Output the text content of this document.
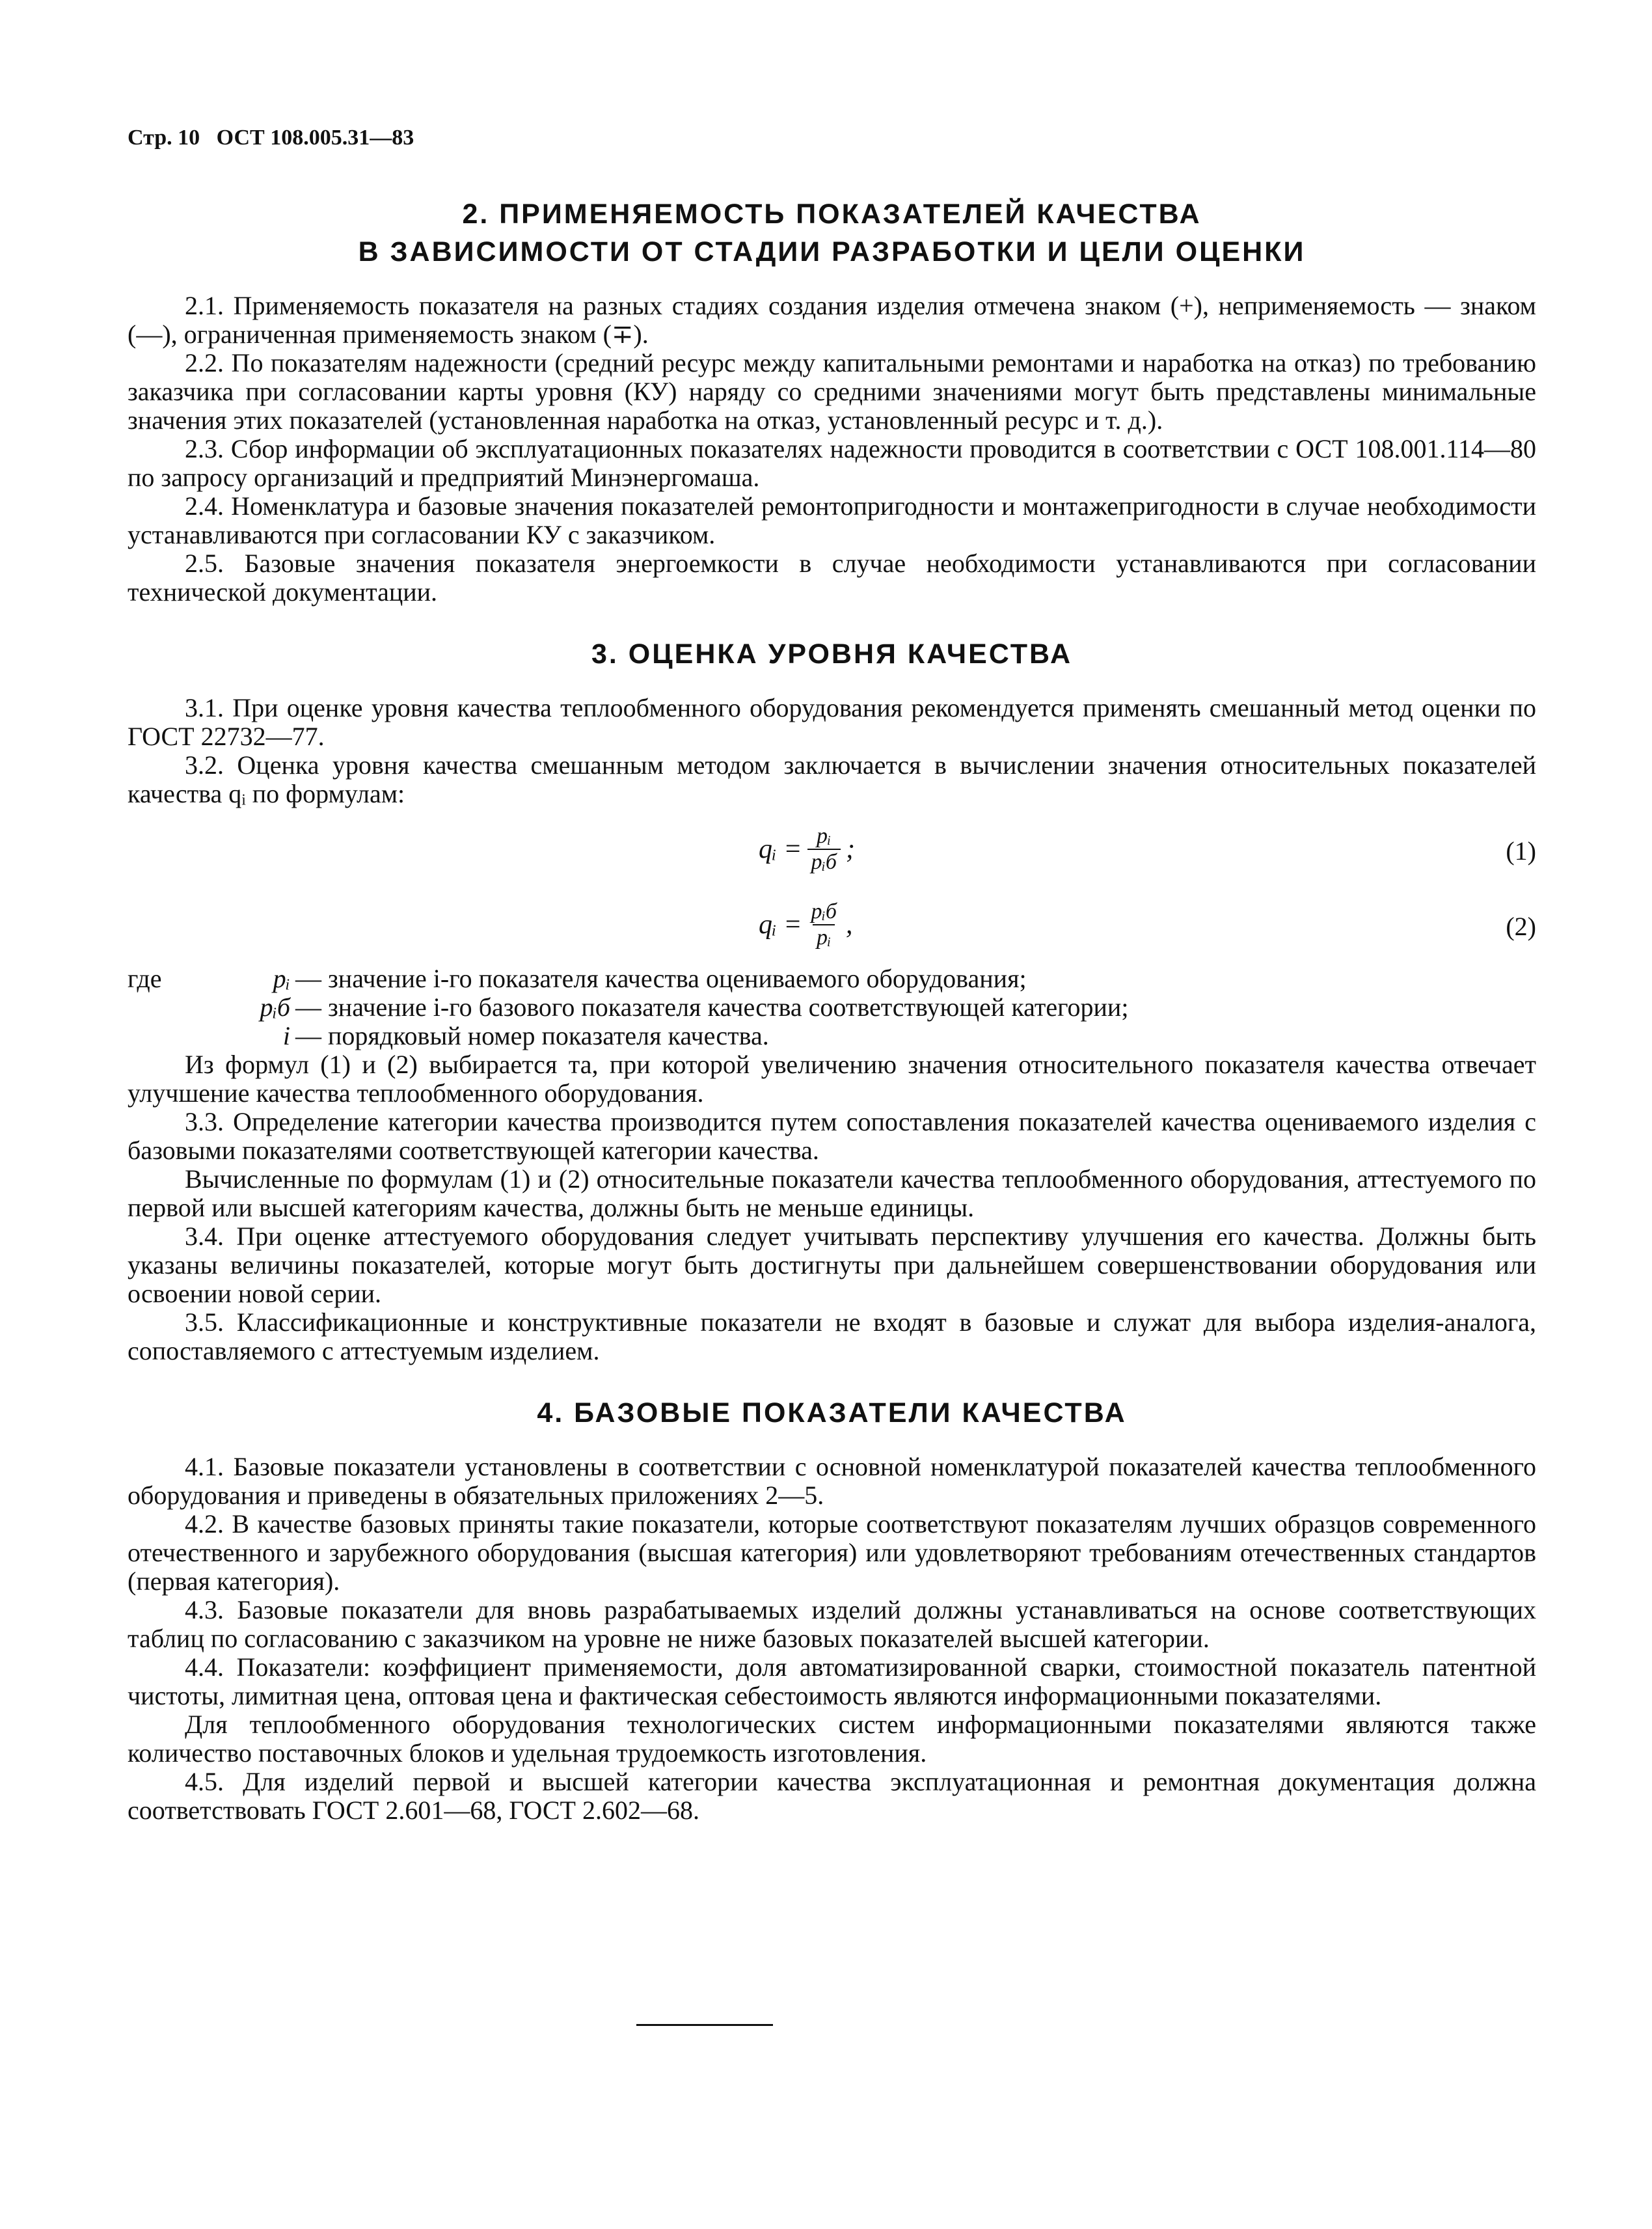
Стр. 10 ОСТ 108.005.31—83

2. ПРИМЕНЯЕМОСТЬ ПОКАЗАТЕЛЕЙ КАЧЕСТВА
В ЗАВИСИМОСТИ ОТ СТАДИИ РАЗРАБОТКИ И ЦЕЛИ ОЦЕНКИ

2.1. Применяемость показателя на разных стадиях создания изделия отмечена знаком (+), неприменяемость — знаком (—), ограниченная применяемость знаком (∓).

2.2. По показателям надежности (средний ресурс между капитальными ремонтами и наработка на отказ) по требованию заказчика при согласовании карты уровня (КУ) наряду со средними значениями могут быть представлены минимальные значения этих показателей (установленная наработка на отказ, установленный ресурс и т. д.).

2.3. Сбор информации об эксплуатационных показателях надежности проводится в соответствии с ОСТ 108.001.114—80 по запросу организаций и предприятий Минэнергомаша.

2.4. Номенклатура и базовые значения показателей ремонтопригодности и монтажепригодности в случае необходимости устанавливаются при согласовании КУ с заказчиком.

2.5. Базовые значения показателя энергоемкости в случае необходимости устанавливаются при согласовании технической документации.

3. ОЦЕНКА УРОВНЯ КАЧЕСТВА

3.1. При оценке уровня качества теплообменного оборудования рекомендуется применять смешанный метод оценки по ГОСТ 22732—77.

3.2. Оценка уровня качества смешанным методом заключается в вычислении значения относительных показателей качества qᵢ по формулам:

qᵢ = $\frac{\text{pᵢ}}{\text{pᵢб}}$ ;	(1)
qᵢ = $\frac{\text{pᵢб}}{\text{pᵢ}}$ ,	(2)
где	pᵢ — значение i-го показателя качества оцениваемого оборудования;
pᵢб — значение i-го базового показателя качества соответствующей категории;
i — порядковый номер показателя качества.

Из формул (1) и (2) выбирается та, при которой увеличению значения относительного показателя качества отвечает улучшение качества теплообменного оборудования.

3.3. Определение категории качества производится путем сопоставления показателей качества оцениваемого изделия с базовыми показателями соответствующей категории качества.

Вычисленные по формулам (1) и (2) относительные показатели качества теплообменного оборудования, аттестуемого по первой или высшей категориям качества, должны быть не меньше единицы.

3.4. При оценке аттестуемого оборудования следует учитывать перспективу улучшения его качества. Должны быть указаны величины показателей, которые могут быть достигнуты при дальнейшем совершенствовании оборудования или освоении новой серии.

3.5. Классификационные и конструктивные показатели не входят в базовые и служат для выбора изделия-аналога, сопоставляемого с аттестуемым изделием.

4. БАЗОВЫЕ ПОКАЗАТЕЛИ КАЧЕСТВА

4.1. Базовые показатели установлены в соответствии с основной номенклатурой показателей качества теплообменного оборудования и приведены в обязательных приложениях 2—5.

4.2. В качестве базовых приняты такие показатели, которые соответствуют показателям лучших образцов современного отечественного и зарубежного оборудования (высшая категория) или удовлетворяют требованиям отечественных стандартов (первая категория).

4.3. Базовые показатели для вновь разрабатываемых изделий должны устанавливаться на основе соответствующих таблиц по согласованию с заказчиком на уровне не ниже базовых показателей высшей категории.

4.4. Показатели: коэффициент применяемости, доля автоматизированной сварки, стоимостной показатель патентной чистоты, лимитная цена, оптовая цена и фактическая себестоимость являются информационными показателями.

Для теплообменного оборудования технологических систем информационными показателями являются также количество поставочных блоков и удельная трудоемкость изготовления.

4.5. Для изделий первой и высшей категории качества эксплуатационная и ремонтная документация должна соответствовать ГОСТ 2.601—68, ГОСТ 2.602—68.
